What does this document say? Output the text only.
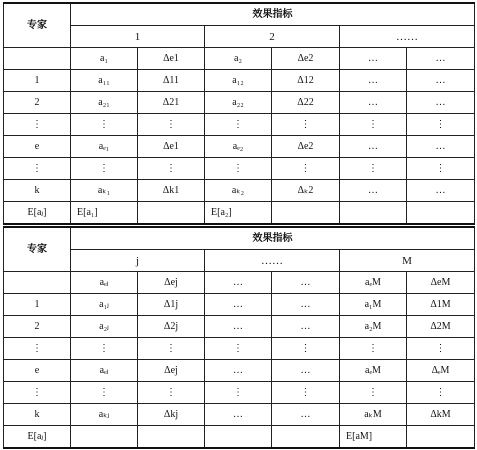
专家	效果指标					
	1		2		……	
	a₁	Δe1	a₂	Δe2	…	…
1	a₁₁	Δ11	a₁₂	Δ12	…	…
2	a₂₁	Δ21	a₂₂	Δ22	…	…
⋮	⋮	⋮	⋮	⋮	⋮	⋮
e	aₑ₁	Δe1	aₑ₂	Δe2	…	…
⋮	⋮	⋮	⋮	⋮	⋮	⋮
k	aₖ₁	Δk1	aₖ₂	Δₖ2	…	…
E[aⱼ]	E[a₁]		E[a₂]			
专家	效果指标					
	j		……		M	
	aₑⱼ	Δej	…	…	aₑM	ΔeM
1	a₁ⱼ	Δ1j	…	…	a₁M	Δ1M
2	a₂ⱼ	Δ2j	…	…	a₂M	Δ2M
⋮	⋮	⋮	⋮	⋮	⋮	⋮
e	aₑⱼ	Δej	…	…	aₑM	ΔₑM
⋮	⋮	⋮	⋮	⋮	⋮	⋮
k	aₖⱼ	Δkj	…	…	aₖM	ΔkM
E[aⱼ]					E[aM]	
